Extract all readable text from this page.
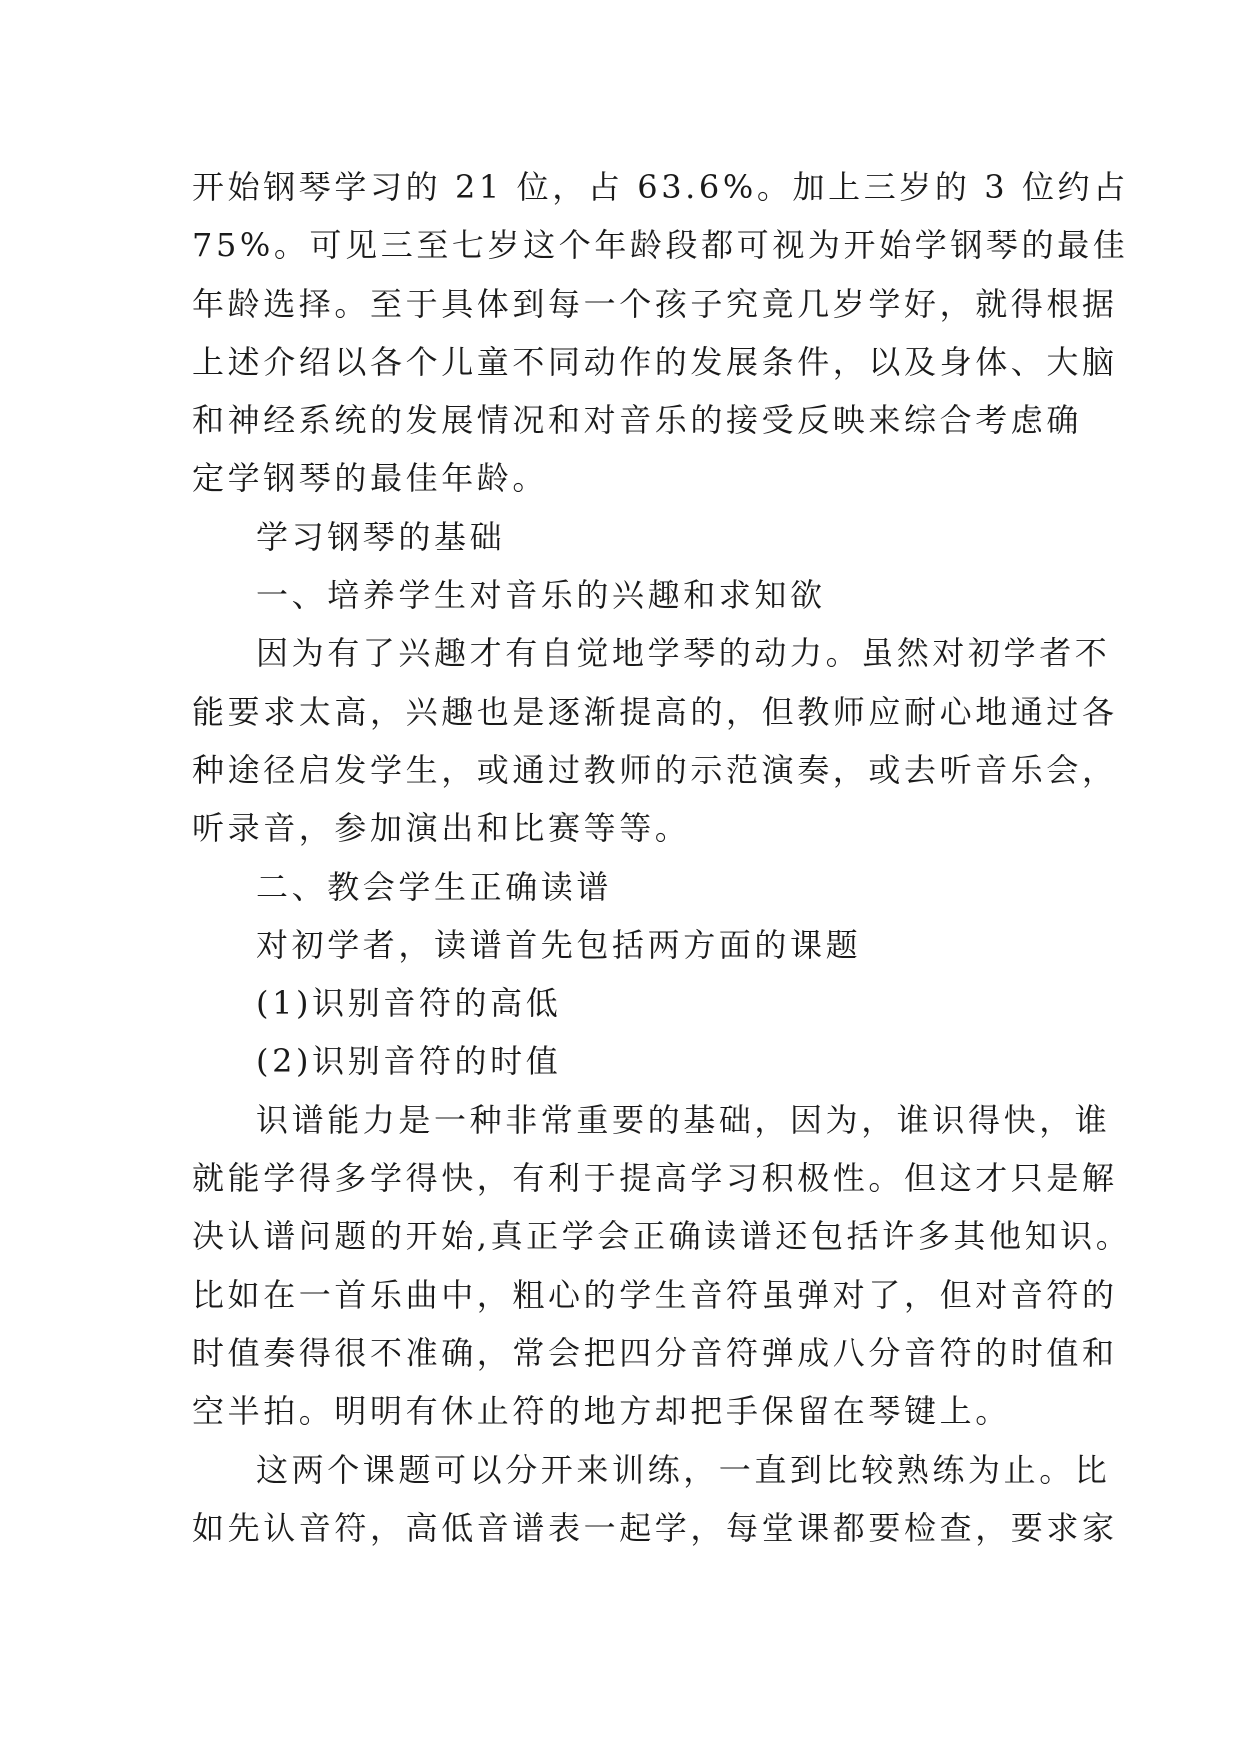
开始钢琴学习的 21 位，占 63.6%。加上三岁的 3 位约占
75%。可见三至七岁这个年龄段都可视为开始学钢琴的最佳
年龄选择。至于具体到每一个孩子究竟几岁学好，就得根据
上述介绍以各个儿童不同动作的发展条件，以及身体、大脑
和神经系统的发展情况和对音乐的接受反映来综合考虑确
定学钢琴的最佳年龄。
学习钢琴的基础
一、培养学生对音乐的兴趣和求知欲
因为有了兴趣才有自觉地学琴的动力。虽然对初学者不
能要求太高，兴趣也是逐渐提高的，但教师应耐心地通过各
种途径启发学生，或通过教师的示范演奏，或去听音乐会，
听录音，参加演出和比赛等等。
二、教会学生正确读谱
对初学者，读谱首先包括两方面的课题
(1)识别音符的高低
(2)识别音符的时值
识谱能力是一种非常重要的基础，因为，谁识得快，谁
就能学得多学得快，有利于提高学习积极性。但这才只是解
决认谱问题的开始,真正学会正确读谱还包括许多其他知识。
比如在一首乐曲中，粗心的学生音符虽弹对了，但对音符的
时值奏得很不准确，常会把四分音符弹成八分音符的时值和
空半拍。明明有休止符的地方却把手保留在琴键上。
这两个课题可以分开来训练，一直到比较熟练为止。比
如先认音符，高低音谱表一起学，每堂课都要检查，要求家
